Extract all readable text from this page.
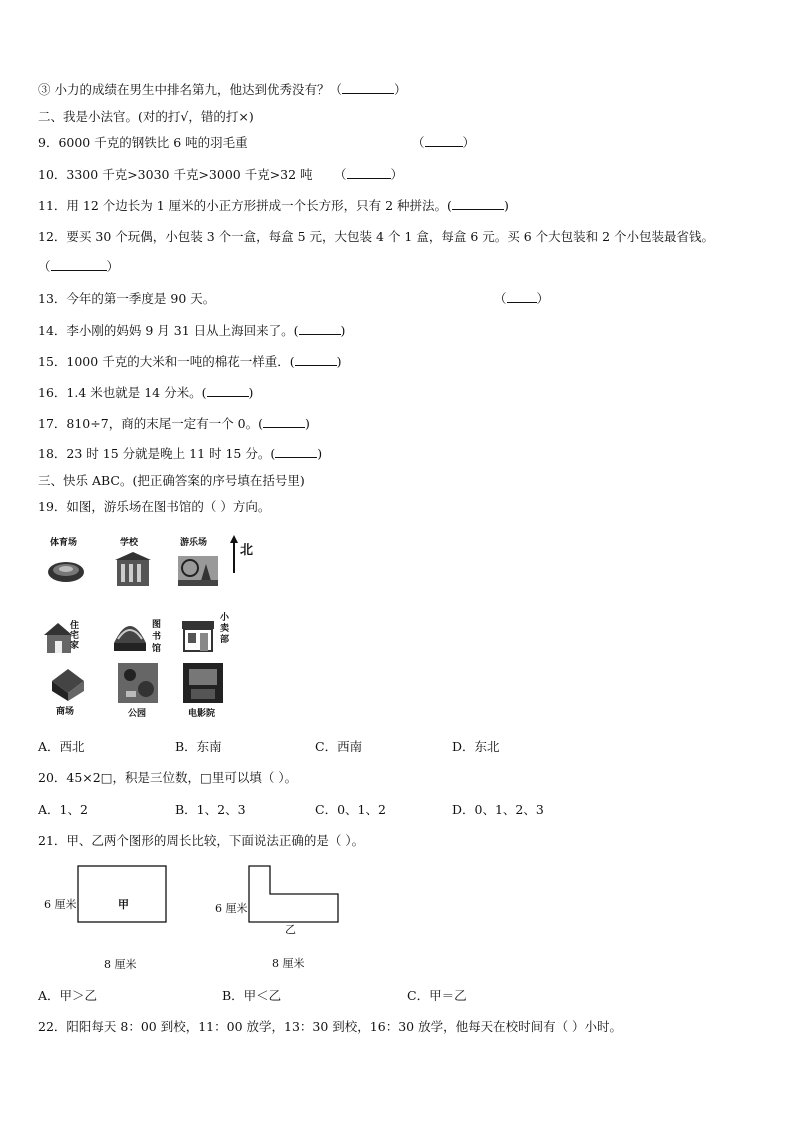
③ 小力的成绩在男生中排名第九，他达到优秀没有？（	）
二、我是小法官。(对的打√，错的打×)
9．6000 千克的钢铁比 6 吨的羽毛重	（	）
10．3300 千克>3030 千克>3000 千克>32 吨 （	）
11．用 12 个边长为 1 厘米的小正方形拼成一个长方形，只有 2 种拼法。(	)
12．要买 30 个玩偶，小包装 3 个一盒，每盒 5 元，大包装 4 个 1 盒，每盒 6 元。买 6 个大包装和 2 个小包装最省钱。
（	）
13．今年的第一季度是 90 天。	（ ）
14．李小刚的妈妈 9 月 31 日从上海回来了。(	)
15．1000 千克的大米和一吨的棉花一样重．(	)
16．1.4 米也就是 14 分米。(	)
17．810÷7，商的末尾一定有一个 0。(	)
18．23 时 15 分就是晚上 11 时 15 分。(	)
三、快乐 ABC。(把正确答案的序号填在括号里)
19．如图，游乐场在图书馆的（ ）方向。
体育场	学校	游乐场	北
住宅家
图书馆
小卖部
商场	公园	电影院
A．西北	B．东南	C．西南	D．东北
20．45×2□，积是三位数，□里可以填（ ）。
A．1、2	B．1、2、3	C．0、1、2	D．0、1、2、3
21．甲、乙两个图形的周长比较，下面说法正确的是（ ）。
甲
6 厘米
8 厘米
乙
6 厘米
8 厘米
A．甲＞乙	B．甲＜乙	C．甲＝乙
22．阳阳每天 8：00 到校，11：00 放学，13：30 到校，16：30 放学，他每天在校时间有（ ）小时。
